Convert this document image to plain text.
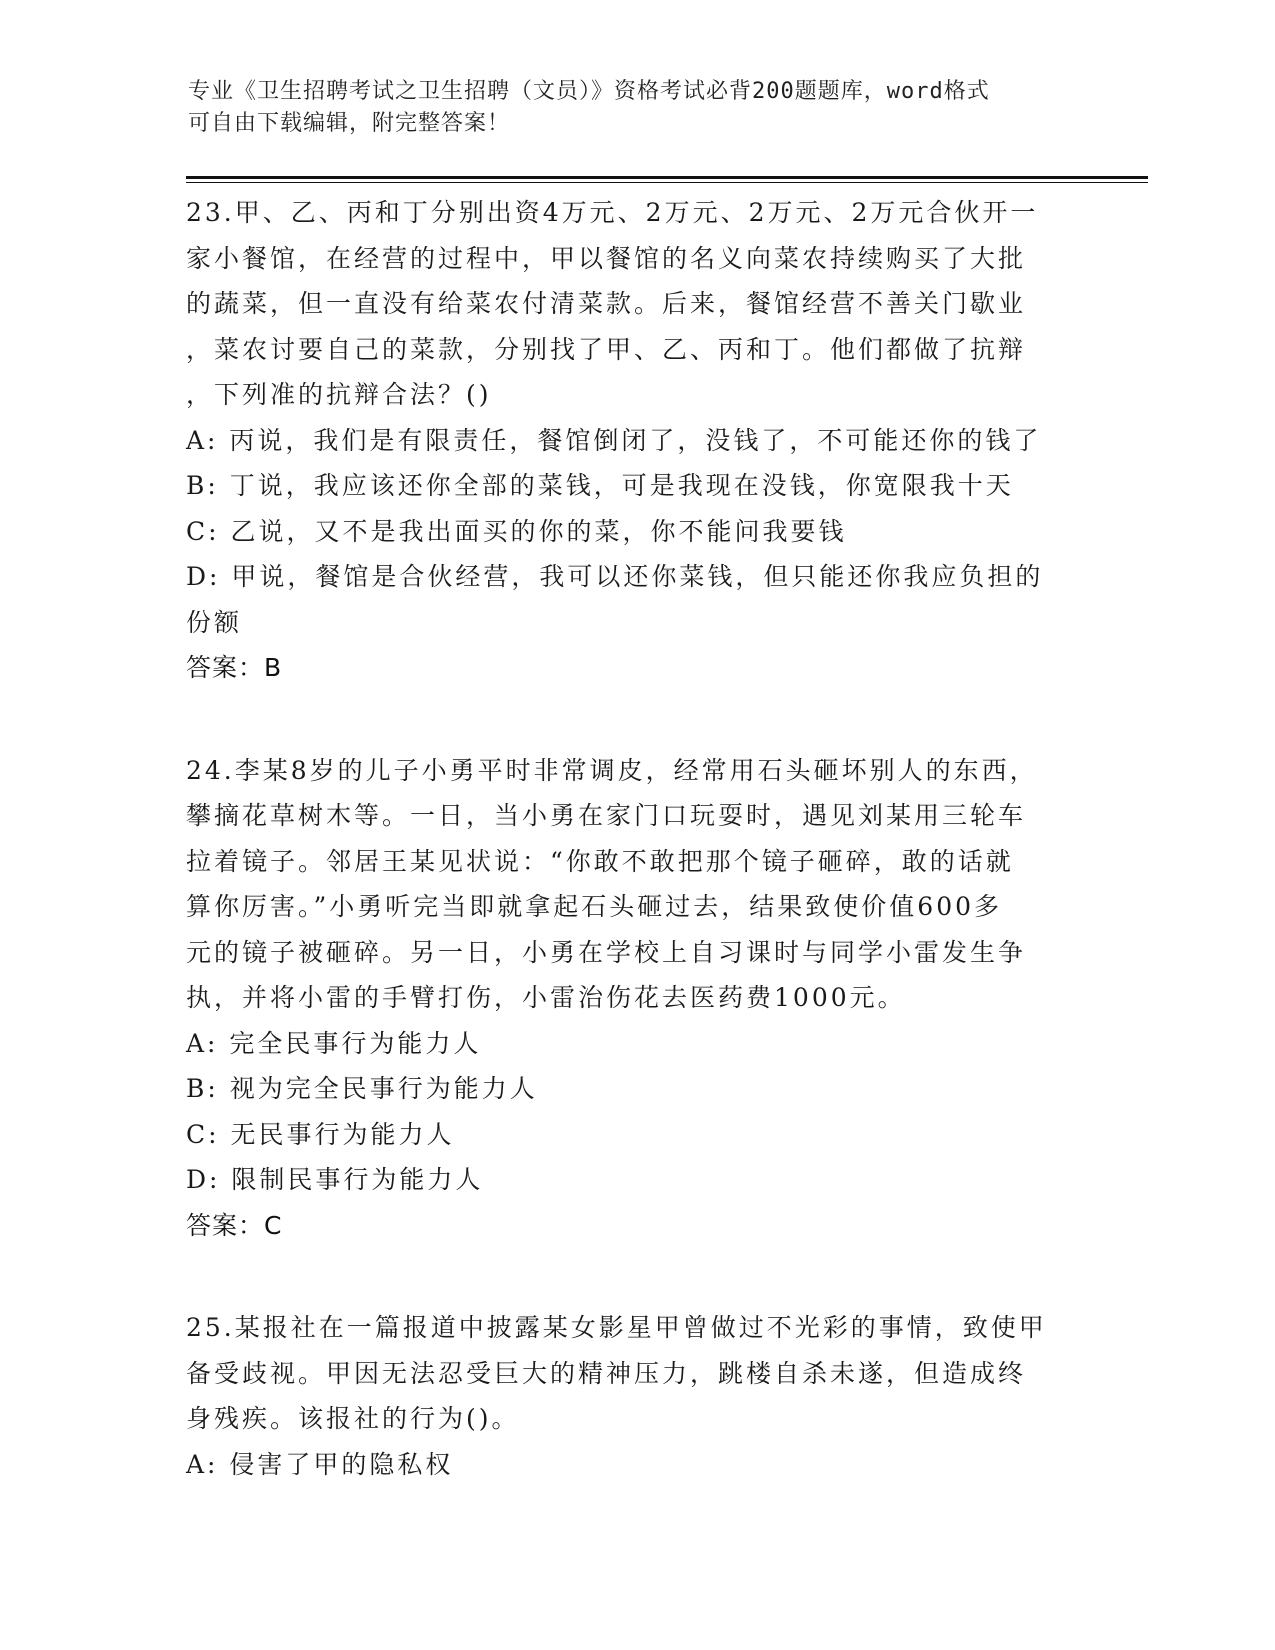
专业《卫生招聘考试之卫生招聘（文员）》资格考试必背200题题库，word格式
可自由下载编辑，附完整答案！
23.甲、乙、丙和丁分别出资4万元、2万元、2万元、2万元合伙开一
家小餐馆，在经营的过程中，甲以餐馆的名义向菜农持续购买了大批
的蔬菜，但一直没有给菜农付清菜款。后来，餐馆经营不善关门歇业
，菜农讨要自己的菜款，分别找了甲、乙、丙和丁。他们都做了抗辩
，下列准的抗辩合法？()
A: 丙说，我们是有限责任，餐馆倒闭了，没钱了，不可能还你的钱了
B: 丁说，我应该还你全部的菜钱，可是我现在没钱，你宽限我十天
C: 乙说，又不是我出面买的你的菜，你不能问我要钱
D: 甲说，餐馆是合伙经营，我可以还你菜钱，但只能还你我应负担的
份额
答案：B
24.李某8岁的儿子小勇平时非常调皮，经常用石头砸坏别人的东西，
攀摘花草树木等。一日，当小勇在家门口玩耍时，遇见刘某用三轮车
拉着镜子。邻居王某见状说：“你敢不敢把那个镜子砸碎，敢的话就
算你厉害。”小勇听完当即就拿起石头砸过去，结果致使价值600多
元的镜子被砸碎。另一日，小勇在学校上自习课时与同学小雷发生争
执，并将小雷的手臂打伤，小雷治伤花去医药费1000元。
A: 完全民事行为能力人
B: 视为完全民事行为能力人
C: 无民事行为能力人
D: 限制民事行为能力人
答案：C
25.某报社在一篇报道中披露某女影星甲曾做过不光彩的事情，致使甲
备受歧视。甲因无法忍受巨大的精神压力，跳楼自杀未遂，但造成终
身残疾。该报社的行为()。
A: 侵害了甲的隐私权
